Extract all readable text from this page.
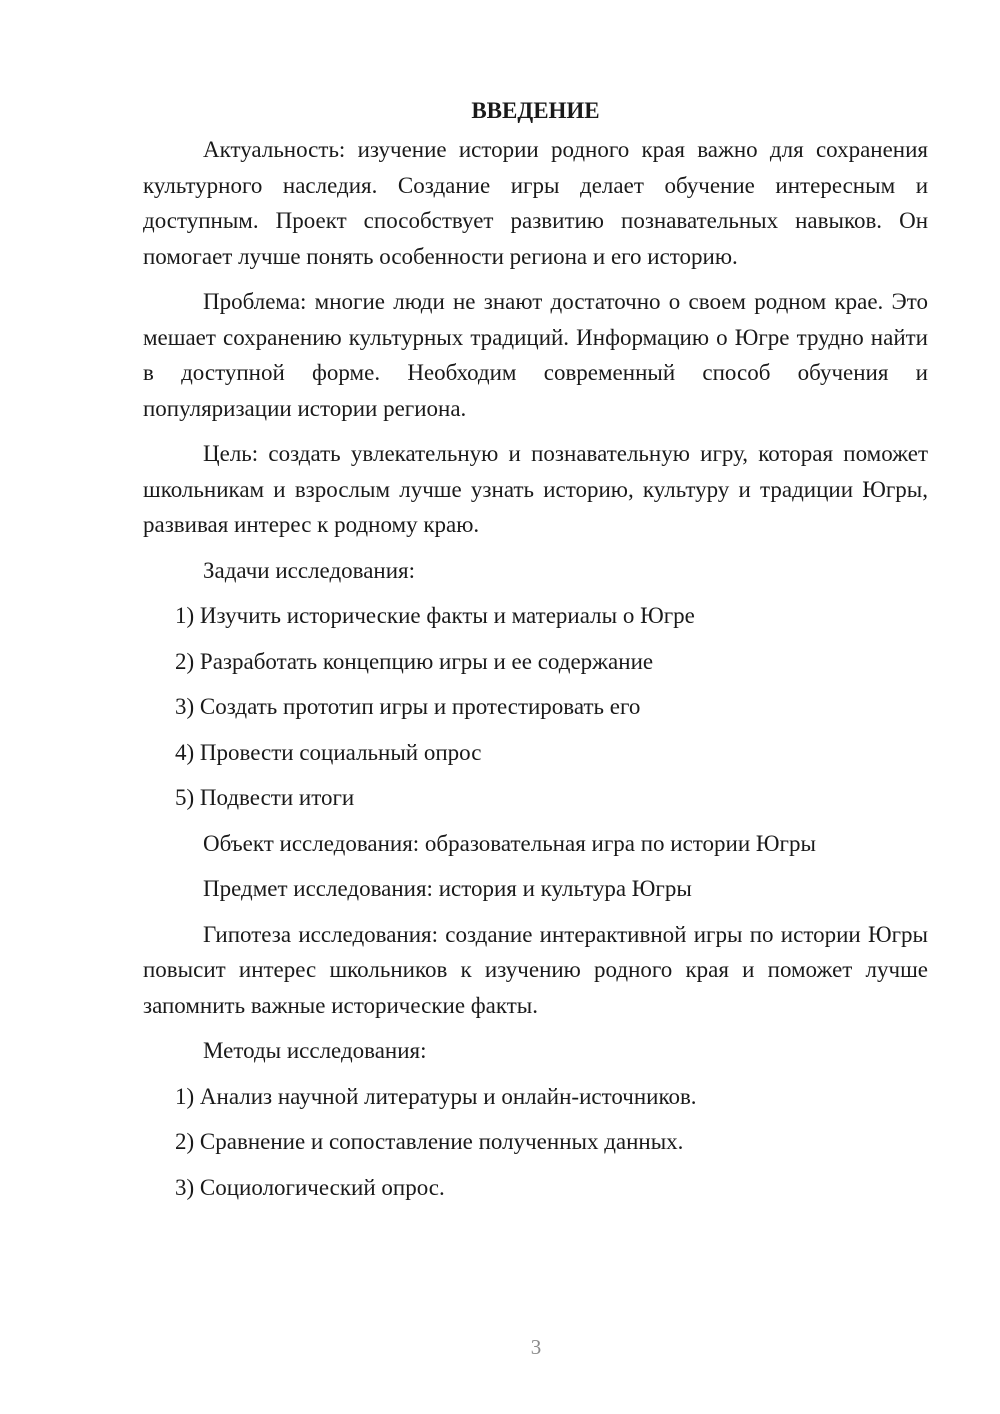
ВВЕДЕНИЕ

Актуальность: изучение истории родного края важно для сохранения культурного наследия. Создание игры делает обучение интересным и доступным. Проект способствует развитию познавательных навыков. Он помогает лучше понять особенности региона и его историю.

Проблема: многие люди не знают достаточно о своем родном крае. Это мешает сохранению культурных традиций. Информацию о Югре трудно найти в доступной форме. Необходим современный способ обучения и популяризации истории региона.

Цель: создать увлекательную и познавательную игру, которая поможет школьникам и взрослым лучше узнать историю, культуру и традиции Югры, развивая интерес к родному краю.

Задачи исследования:
1) Изучить исторические факты и материалы о Югре
2) Разработать концепцию игры и ее содержание
3) Создать прототип игры и протестировать его
4) Провести социальный опрос
5) Подвести итоги
Объект исследования: образовательная игра по истории Югры
Предмет исследования: история и культура Югры

Гипотеза исследования: создание интерактивной игры по истории Югры повысит интерес школьников к изучению родного края и поможет лучше запомнить важные исторические факты.

Методы исследования:
1) Анализ научной литературы и онлайн-источников.
2) Сравнение и сопоставление полученных данных.
3) Социологический опрос.
3
